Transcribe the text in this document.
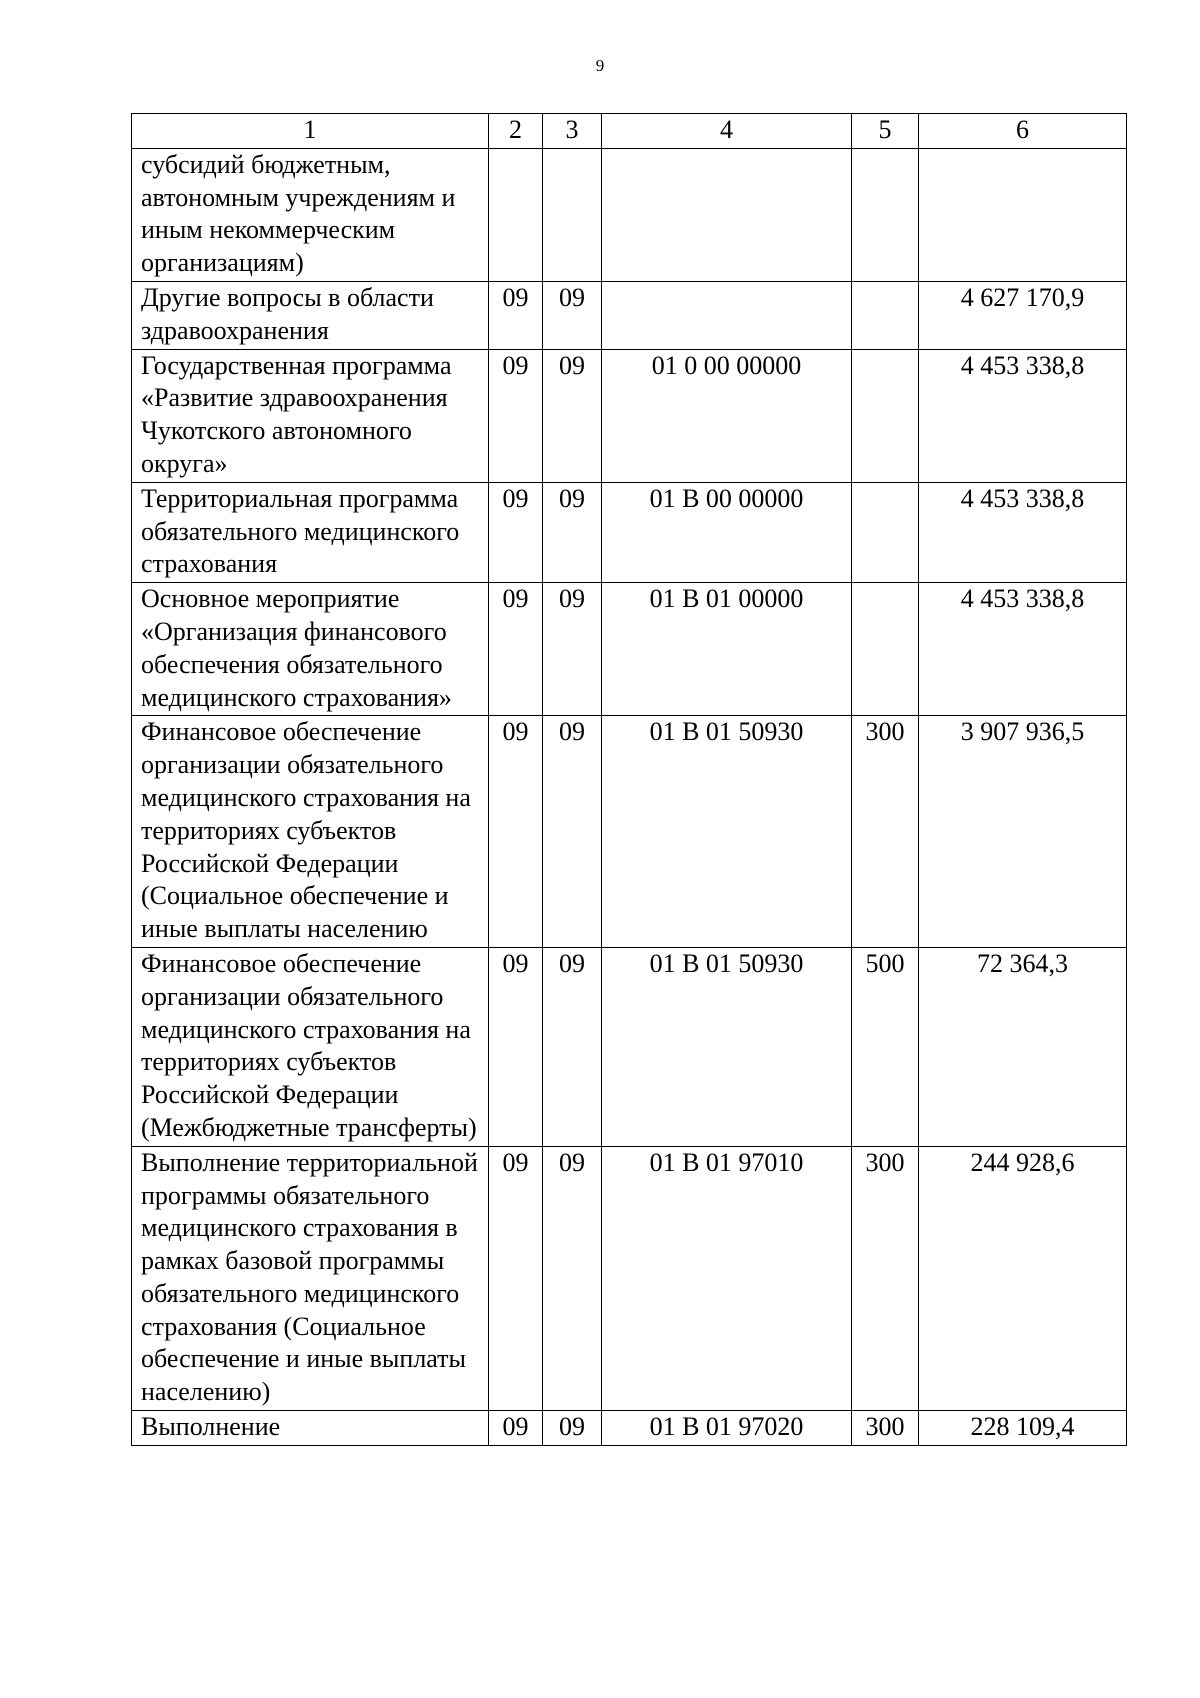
9
1	2	3	4	5	6
субсидий бюджетным, автономным учреждениям и иным некоммерческим организациям)					
Другие вопросы в области здравоохранения	09	09			4 627 170,9
Государственная программа «Развитие здравоохранения Чукотского автономного округа»	09	09	01 0 00 00000		4 453 338,8
Территориальная программа обязательного медицинского страхования	09	09	01 В 00 00000		4 453 338,8
Основное мероприятие «Организация финансового обеспечения обязательного медицинского страхования»	09	09	01 В 01 00000		4 453 338,8
Финансовое обеспечение организации обязательного медицинского страхования на территориях субъектов Российской Федерации (Социальное обеспечение и иные выплаты населению	09	09	01 В 01 50930	300	3 907 936,5
Финансовое обеспечение организации обязательного медицинского страхования на территориях субъектов Российской Федерации (Межбюджетные трансферты)	09	09	01 В 01 50930	500	72 364,3
Выполнение территориальной программы обязательного медицинского страхования в рамках базовой программы обязательного медицинского страхования (Социальное обеспечение и иные выплаты населению)	09	09	01 В 01 97010	300	244 928,6
Выполнение	09	09	01 В 01 97020	300	228 109,4
